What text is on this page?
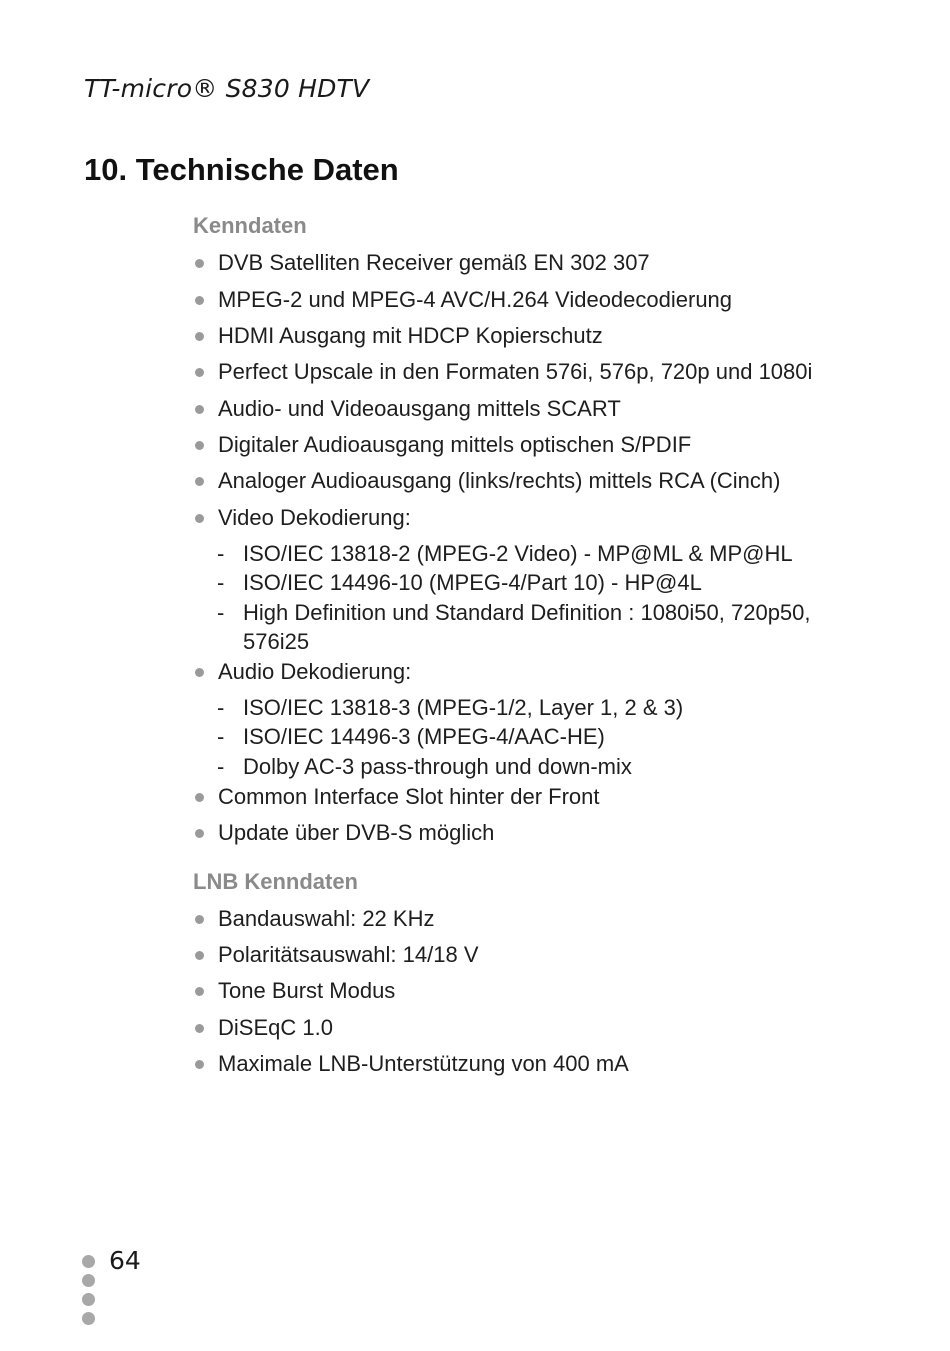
TT-micro® S830 HDTV
10. Technische Daten
Kenndaten
DVB Satelliten Receiver gemäß EN 302 307
MPEG-2 und MPEG-4 AVC/H.264 Videodecodierung
HDMI Ausgang mit HDCP Kopierschutz
Perfect Upscale in den Formaten 576i, 576p, 720p und 1080i
Audio- und Videoausgang mittels SCART
Digitaler Audioausgang mittels optischen S/PDIF
Analoger Audioausgang (links/rechts) mittels RCA (Cinch)
Video Dekodierung:
- ISO/IEC 13818-2 (MPEG-2 Video) - MP@ML & MP@HL
- ISO/IEC 14496-10 (MPEG-4/Part 10) - HP@4L
- High Definition und Standard Definition : 1080i50, 720p50,
576i25
Audio Dekodierung:
- ISO/IEC 13818-3 (MPEG-1/2, Layer 1, 2 & 3)
- ISO/IEC 14496-3 (MPEG-4/AAC-HE)
- Dolby AC-3 pass-through und down-mix
Common Interface Slot hinter der Front
Update über DVB-S möglich
LNB Kenndaten
Bandauswahl: 22 KHz
Polaritätsauswahl: 14/18 V
Tone Burst Modus
DiSEqC 1.0
Maximale LNB-Unterstützung von 400 mA
64
